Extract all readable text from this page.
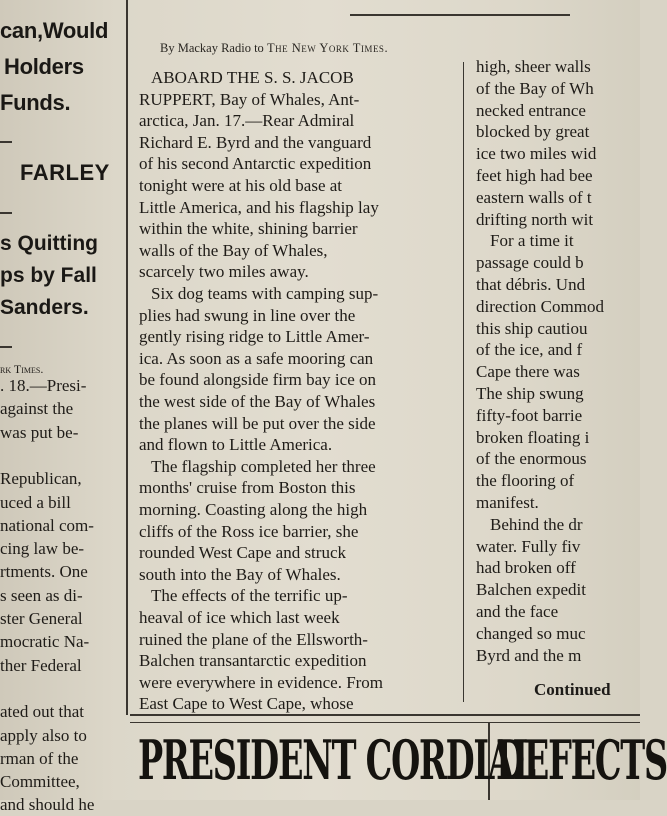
can,Would
Holders
Funds.
FARLEY
s Quitting
ps by Fall
Sanders.
rk Times.
. 18.—Presi-
against the
was put be-
Republican,
uced a bill
national com-
cing law be-
rtments. One
s seen as di-
ster General
mocratic Na-
ther Federal
ated out that
apply also to
rman of the
Committee,
and should he
By Mackay Radio to The New York Times.
ABOARD THE S. S. JACOB
RUPPERT, Bay of Whales, Ant-
arctica, Jan. 17.—Rear Admiral
Richard E. Byrd and the vanguard
of his second Antarctic expedition
tonight were at his old base at
Little America, and his flagship lay
within the white, shining barrier
walls of the Bay of Whales,
scarcely two miles away.
Six dog teams with camping sup-
plies had swung in line over the
gently rising ridge to Little Amer-
ica. As soon as a safe mooring can
be found alongside firm bay ice on
the west side of the Bay of Whales
the planes will be put over the side
and flown to Little America.
The flagship completed her three
months' cruise from Boston this
morning. Coasting along the high
cliffs of the Ross ice barrier, she
rounded West Cape and struck
south into the Bay of Whales.
The effects of the terrific up-
heaval of ice which last week
ruined the plane of the Ellsworth-
Balchen transantarctic expedition
were everywhere in evidence. From
East Cape to West Cape, whose
high, sheer walls
of the Bay of Wh
necked entrance
blocked by great
ice two miles wid
feet high had bee
eastern walls of t
drifting north wit
For a time it
passage could b
that débris. Und
direction Commod
this ship cautiou
of the ice, and f
Cape there was
The ship swung
fifty-foot barrie
broken floating i
of the enormous
the flooring of
manifest.
Behind the dr
water. Fully fiv
had broken off
Balchen expedit
and the face
changed so muc
Byrd and the m
Continued
PRESIDENT CORDIAL
DEFECTS
